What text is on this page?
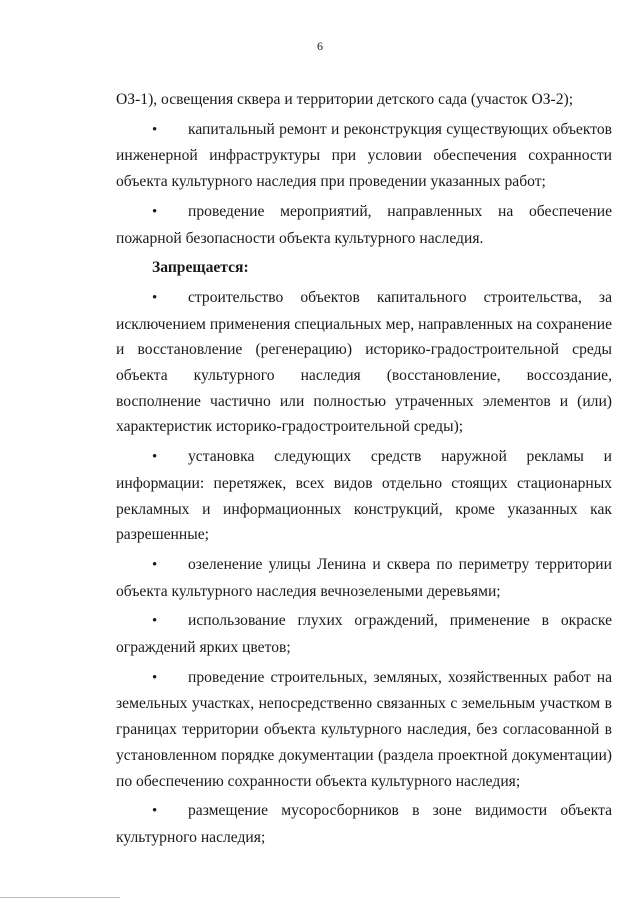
6

ОЗ-1), освещения сквера и территории детского сада (участок ОЗ-2);

•капитальный ремонт и реконструкция существующих объектов инженерной инфраструктуры при условии обеспечения сохранности объекта культурного наследия при проведении указанных работ;

•проведение мероприятий, направленных на обеспечение пожарной безопасности объекта культурного наследия.

Запрещается:

•строительство объектов капитального строительства, за исключением применения специальных мер, направленных на сохранение и восстановление (регенерацию) историко-градостроительной среды объекта культурного наследия (восстановление, воссоздание, восполнение частично или полностью утраченных элементов и (или) характеристик историко-градостроительной среды);

•установка следующих средств наружной рекламы и информации: перетяжек, всех видов отдельно стоящих стационарных рекламных и информационных конструкций, кроме указанных как разрешенные;

•озеленение улицы Ленина и сквера по периметру территории объекта культурного наследия вечнозелеными деревьями;

•использование глухих ограждений, применение в окраске ограждений ярких цветов;

•проведение строительных, земляных, хозяйственных работ на земельных участках, непосредственно связанных с земельным участком в границах территории объекта культурного наследия, без согласованной в установленном порядке документации (раздела проектной документации) по обеспечению сохранности объекта культурного наследия;

•размещение мусоросборников в зоне видимости объекта культурного наследия;
